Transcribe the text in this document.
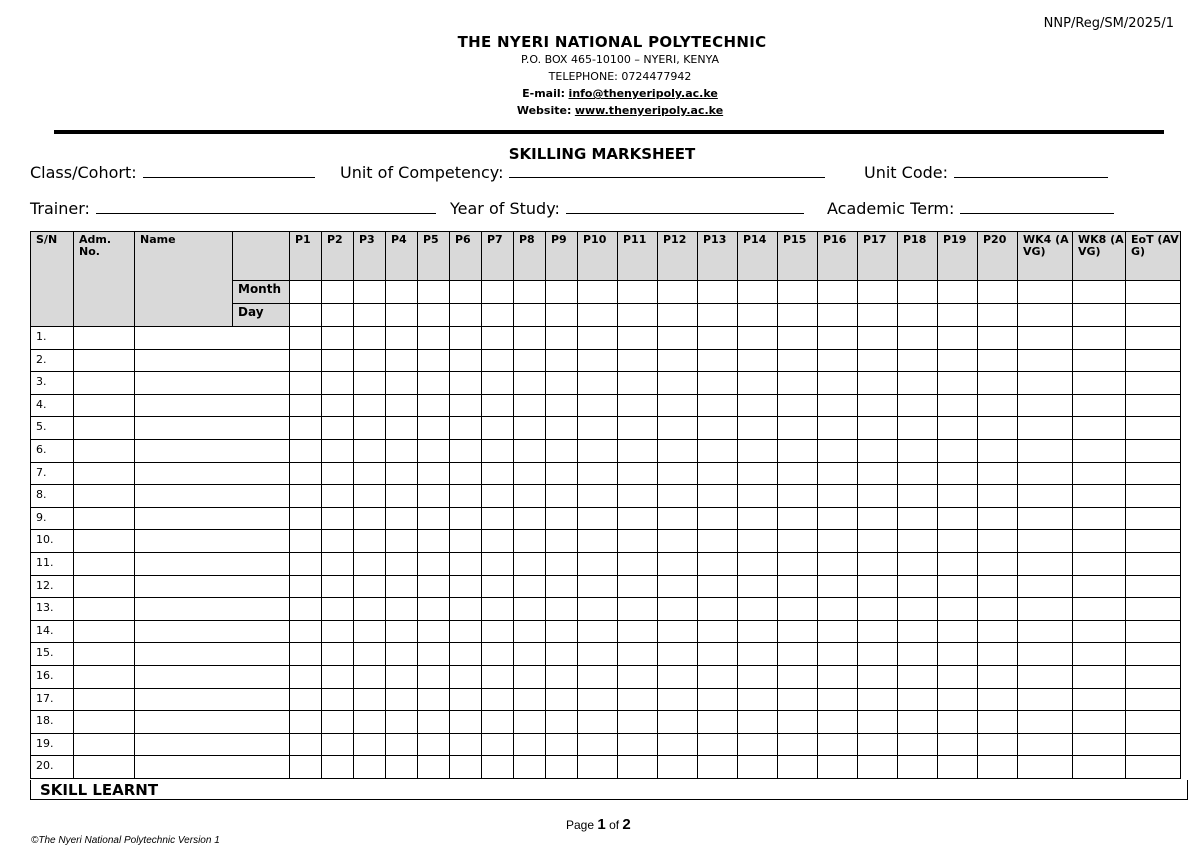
NNP/Reg/SM/2025/1
THE NYERI NATIONAL POLYTECHNIC
P.O. BOX 465-10100 – NYERI, KENYA
TELEPHONE: 0724477942
E-mail: info@thenyeripoly.ac.ke
Website: www.thenyeripoly.ac.ke
SKILLING MARKSHEET
Class/Cohort:	Unit of Competency:	Unit Code:
Trainer:	Year of Study:	Academic Term:
S/N	Adm. No.	Name		P1	P2	P3	P4	P5	P6	P7	P8	P9	P10	P11	P12	P13	P14	P15	P16	P17	P18	P19	P20	WK4 (AVG)	WK8 (AVG)	EoT (AVG)
			Month																							
			Day																							
1.																										
2.																										
3.																										
4.																										
5.																										
6.																										
7.																										
8.																										
9.																										
10.																										
11.																										
12.																										
13.																										
14.																										
15.																										
16.																										
17.																										
18.																										
19.																										
20.																										
SKILL LEARNT
Page 1 of 2
©The Nyeri National Polytechnic Version 1
